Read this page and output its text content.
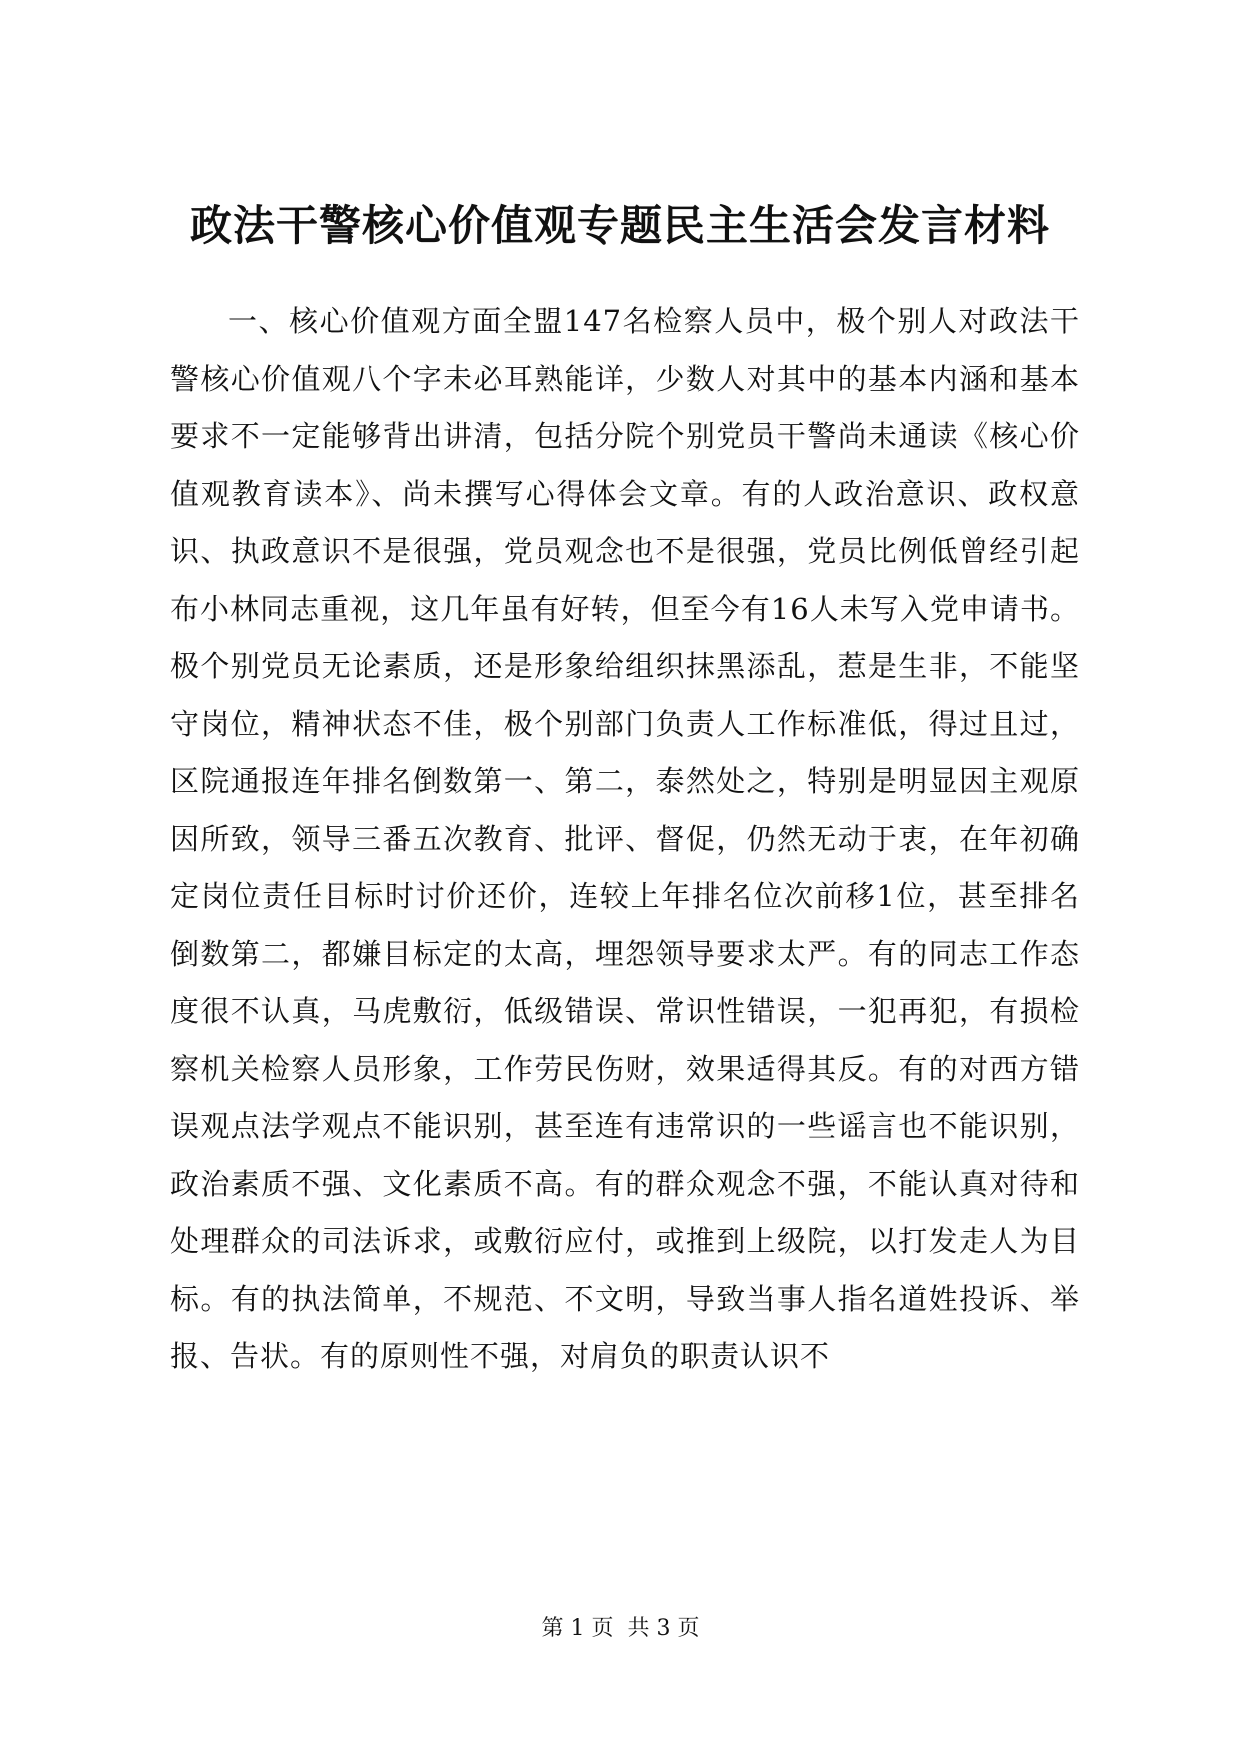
政法干警核心价值观专题民主生活会发言材料

一、核心价值观方面全盟147名检察人员中，极个别人对政法干警核心价值观八个字未必耳熟能详，少数人对其中的基本内涵和基本要求不一定能够背出讲清，包括分院个别党员干警尚未通读《核心价值观教育读本》、尚未撰写心得体会文章。有的人政治意识、政权意识、执政意识不是很强，党员观念也不是很强，党员比例低曾经引起布小林同志重视，这几年虽有好转，但至今有16人未写入党申请书。极个别党员无论素质，还是形象给组织抹黑添乱，惹是生非，不能坚守岗位，精神状态不佳，极个别部门负责人工作标准低，得过且过，区院通报连年排名倒数第一、第二，泰然处之，特别是明显因主观原因所致，领导三番五次教育、批评、督促，仍然无动于衷，在年初确定岗位责任目标时讨价还价，连较上年排名位次前移1位，甚至排名倒数第二，都嫌目标定的太高，埋怨领导要求太严。有的同志工作态度很不认真，马虎敷衍，低级错误、常识性错误，一犯再犯，有损检察机关检察人员形象，工作劳民伤财，效果适得其反。有的对西方错误观点法学观点不能识别，甚至连有违常识的一些谣言也不能识别，政治素质不强、文化素质不高。有的群众观念不强，不能认真对待和处理群众的司法诉求，或敷衍应付，或推到上级院，以打发走人为目标。有的执法简单，不规范、不文明，导致当事人指名道姓投诉、举报、告状。有的原则性不强，对肩负的职责认识不

第 1 页  共 3 页
